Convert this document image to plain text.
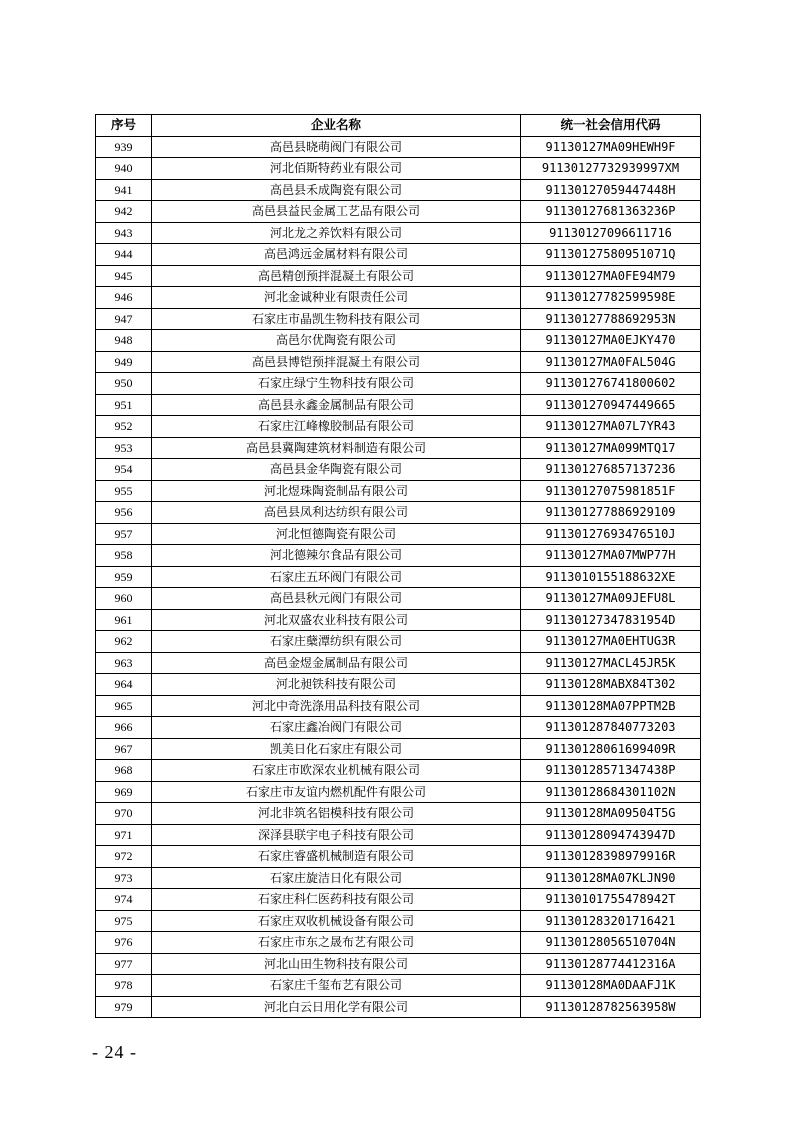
序号	企业名称	统一社会信用代码
939	高邑县晓萌阀门有限公司	91130127MA09HEWH9F
940	河北佰斯特药业有限公司	91130127732939997XM
941	高邑县禾成陶瓷有限公司	91130127059447448H
942	高邑县益民金属工艺品有限公司	91130127681363236P
943	河北龙之养饮料有限公司	91130127096611716
944	高邑鸿远金属材料有限公司	91130127580951071Q
945	高邑精创预拌混凝土有限公司	91130127MA0FE94M79
946	河北金诚种业有限责任公司	91130127782599598E
947	石家庄市晶凯生物科技有限公司	91130127788692953N
948	高邑尔优陶瓷有限公司	91130127MA0EJKY470
949	高邑县博铠预拌混凝土有限公司	91130127MA0FAL504G
950	石家庄绿宁生物科技有限公司	911301276741800602
951	高邑县永鑫金属制品有限公司	911301270947449665
952	石家庄江峰橡胶制品有限公司	91130127MA07L7YR43
953	高邑县冀陶建筑材料制造有限公司	91130127MA099MTQ17
954	高邑县金华陶瓷有限公司	911301276857137236
955	河北煜珠陶瓷制品有限公司	91130127075981851F
956	高邑县凤利达纺织有限公司	911301277886929109
957	河北恒德陶瓷有限公司	91130127693476510J
958	河北德辣尔食品有限公司	91130127MA07MWP77H
959	石家庄五环阀门有限公司	9113010155188632XE
960	高邑县秋元阀门有限公司	91130127MA09JEFU8L
961	河北双盛农业科技有限公司	91130127347831954D
962	石家庄蘖潭纺织有限公司	91130127MA0EHTUG3R
963	高邑金煜金属制品有限公司	91130127MACL45JR5K
964	河北昶铁科技有限公司	91130128MABX84T302
965	河北中奇洗涤用品科技有限公司	91130128MA07PPTM2B
966	石家庄鑫冶阀门有限公司	911301287840773203
967	凯美日化石家庄有限公司	91130128061699409R
968	石家庄市欧深农业机械有限公司	91130128571347438P
969	石家庄市友谊内燃机配件有限公司	91130128684301102N
970	河北非筑名铝模科技有限公司	91130128MA09504T5G
971	深泽县联宇电子科技有限公司	91130128094743947D
972	石家庄睿盛机械制造有限公司	91130128398979916R
973	石家庄旋洁日化有限公司	91130128MA07KLJN90
974	石家庄科仁医药科技有限公司	91130101755478942T
975	石家庄双收机械设备有限公司	911301283201716421
976	石家庄市东之晟布艺有限公司	91130128056510704N
977	河北山田生物科技有限公司	91130128774412316A
978	石家庄千玺布艺有限公司	91130128MA0DAAFJ1K
979	河北白云日用化学有限公司	91130128782563958W
- 24 -
